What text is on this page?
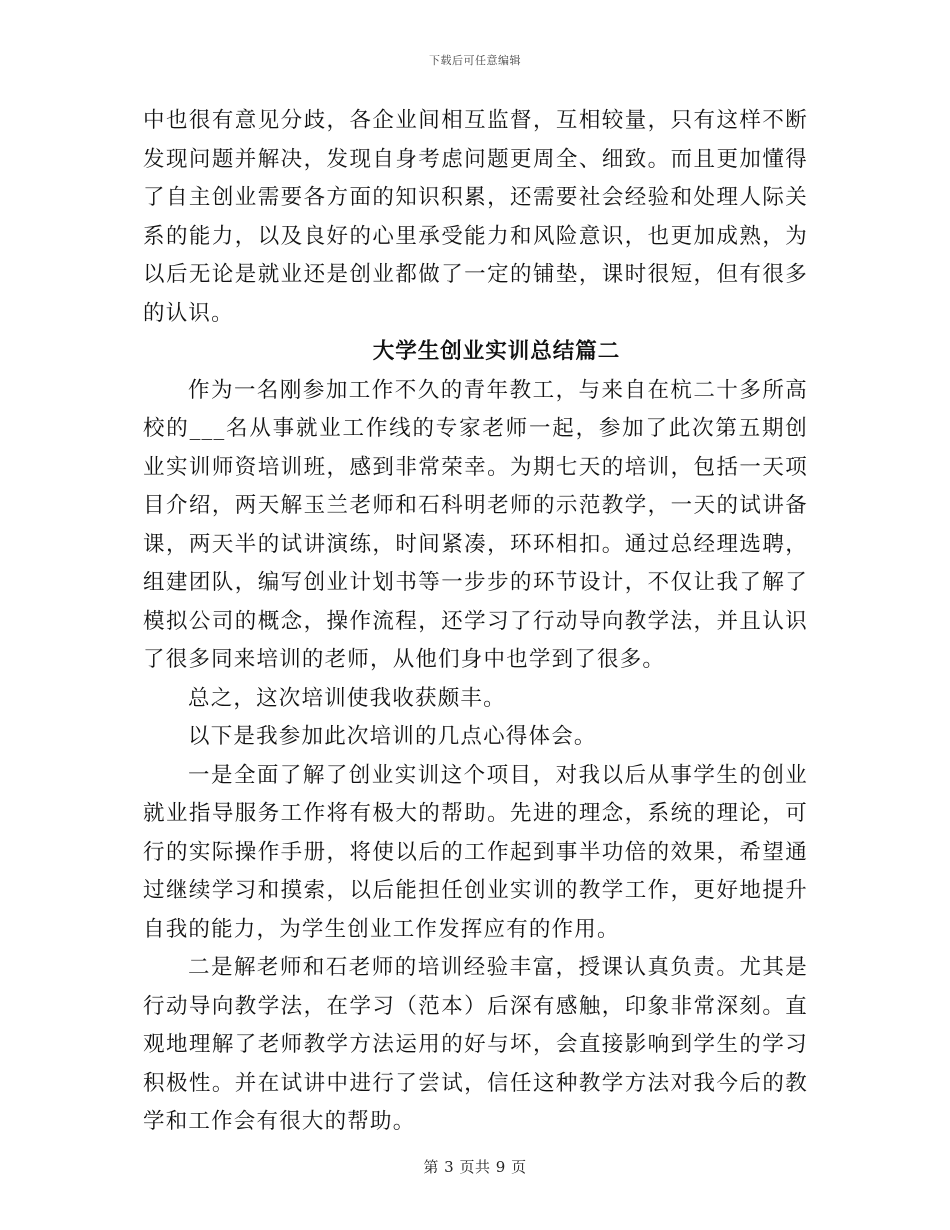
下载后可任意编辑

中也很有意见分歧，各企业间相互监督，互相较量，只有这样不断发现问题并解决，发现自身考虑问题更周全、细致。而且更加懂得了自主创业需要各方面的知识积累，还需要社会经验和处理人际关系的能力，以及良好的心里承受能力和风险意识，也更加成熟，为以后无论是就业还是创业都做了一定的铺垫，课时很短，但有很多的认识。

大学生创业实训总结篇二

作为一名刚参加工作不久的青年教工，与来自在杭二十多所高校的___名从事就业工作线的专家老师一起，参加了此次第五期创业实训师资培训班，感到非常荣幸。为期七天的培训，包括一天项目介绍，两天解玉兰老师和石科明老师的示范教学，一天的试讲备课，两天半的试讲演练，时间紧凑，环环相扣。通过总经理选聘，组建团队，编写创业计划书等一步步的环节设计，不仅让我了解了模拟公司的概念，操作流程，还学习了行动导向教学法，并且认识了很多同来培训的老师，从他们身中也学到了很多。

总之，这次培训使我收获颇丰。

以下是我参加此次培训的几点心得体会。

一是全面了解了创业实训这个项目，对我以后从事学生的创业就业指导服务工作将有极大的帮助。先进的理念，系统的理论，可行的实际操作手册，将使以后的工作起到事半功倍的效果，希望通过继续学习和摸索，以后能担任创业实训的教学工作，更好地提升自我的能力，为学生创业工作发挥应有的作用。

二是解老师和石老师的培训经验丰富，授课认真负责。尤其是行动导向教学法，在学习（范本）后深有感触，印象非常深刻。直观地理解了老师教学方法运用的好与坏，会直接影响到学生的学习积极性。并在试讲中进行了尝试，信任这种教学方法对我今后的教学和工作会有很大的帮助。

第 3 页共 9 页
